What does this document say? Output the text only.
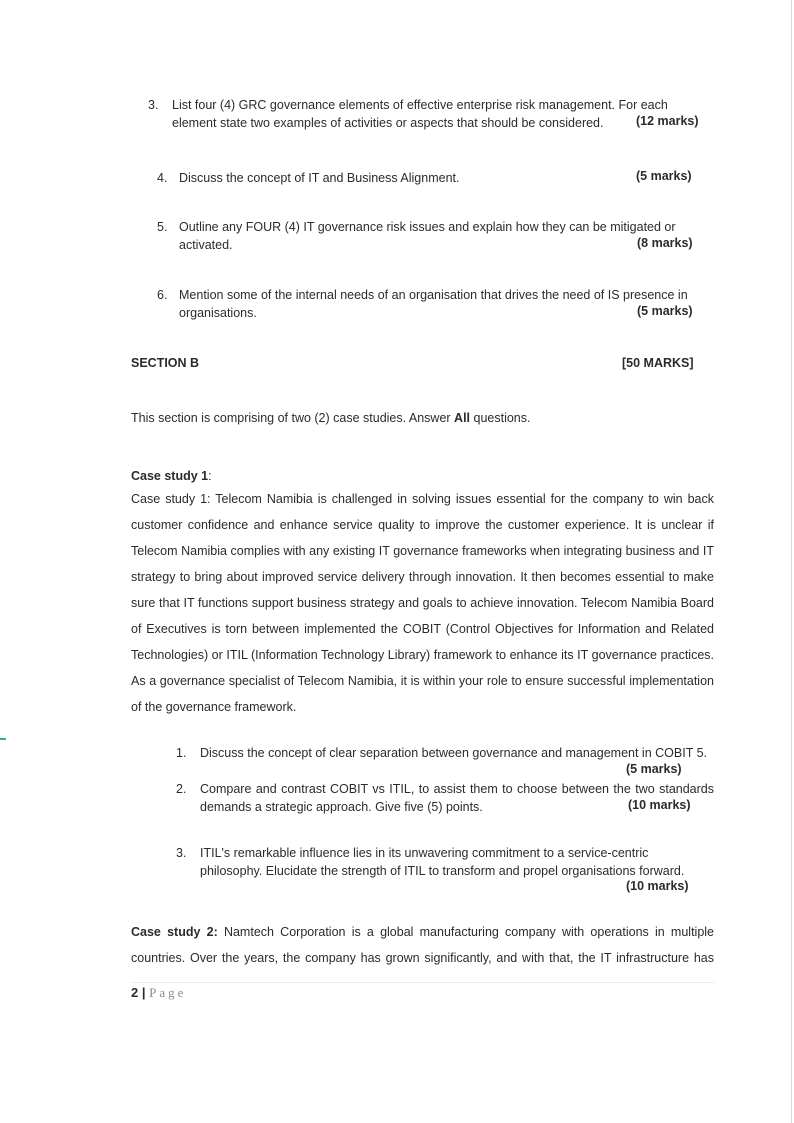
3. List four (4) GRC governance elements of effective enterprise risk management. For each
element state two examples of activities or aspects that should be considered.	(12 marks)
4. Discuss the concept of IT and Business Alignment.	(5 marks)
5. Outline any FOUR (4) IT governance risk issues and explain how they can be mitigated or
activated.	(8 marks)
6. Mention some of the internal needs of an organisation that drives the need of IS presence in
organisations.	(5 marks)
SECTION B	[50 MARKS]
This section is comprising of two (2) case studies. Answer All questions.
Case study 1:
Case study 1: Telecom Namibia is challenged in solving issues essential for the company to win back
customer confidence and enhance service quality to improve the customer experience. It is unclear if
Telecom Namibia complies with any existing IT governance frameworks when integrating business and IT
strategy to bring about improved service delivery through innovation. It then becomes essential to make
sure that IT functions support business strategy and goals to achieve innovation. Telecom Namibia Board
of Executives is torn between implemented the COBIT (Control Objectives for Information and Related
Technologies) or ITIL (Information Technology Library) framework to enhance its IT governance practices.
As a governance specialist of Telecom Namibia, it is within your role to ensure successful implementation
of the governance framework.
1. Discuss the concept of clear separation between governance and management in COBIT 5.
(5 marks)
2. Compare and contrast COBIT vs ITIL, to assist them to choose between the two standards
demands a strategic approach. Give five (5) points.	(10 marks)
3. ITIL's remarkable influence lies in its unwavering commitment to a service-centric
philosophy. Elucidate the strength of ITIL to transform and propel organisations forward.
(10 marks)
Case study 2: Namtech Corporation is a global manufacturing company with operations in multiple
countries. Over the years, the company has grown significantly, and with that, the IT infrastructure has
2 | Page
